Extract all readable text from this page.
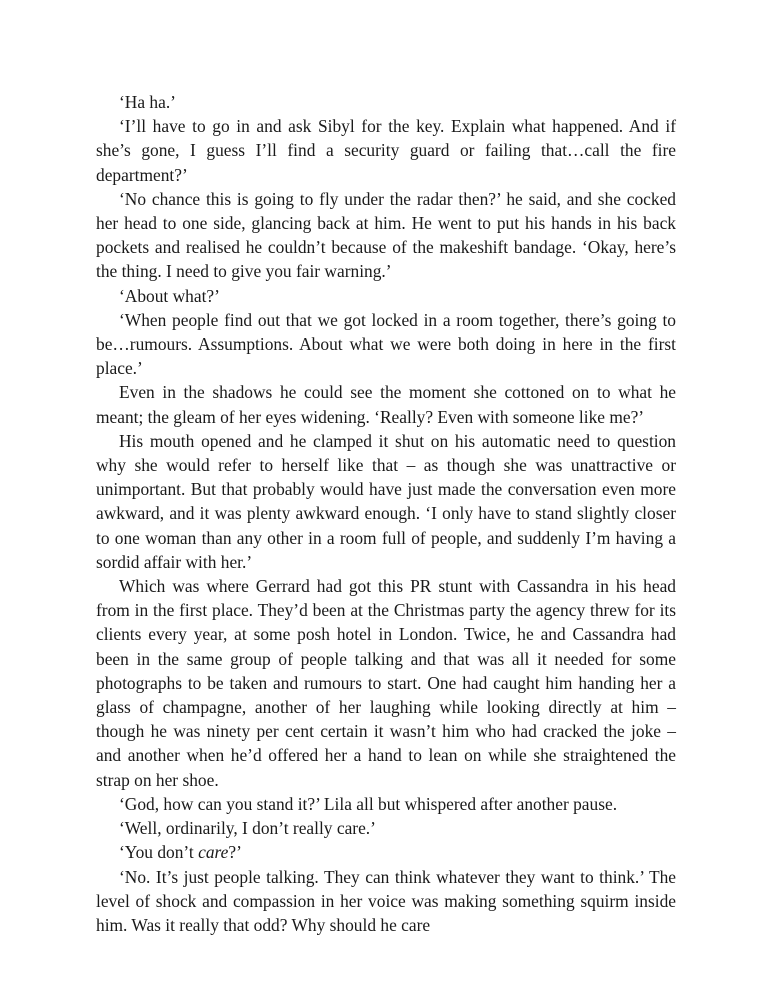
‘Ha ha.’

‘I’ll have to go in and ask Sibyl for the key. Explain what happened. And if she’s gone, I guess I’ll find a security guard or failing that…call the fire department?’

‘No chance this is going to fly under the radar then?’ he said, and she cocked her head to one side, glancing back at him. He went to put his hands in his back pockets and realised he couldn’t because of the makeshift bandage. ‘Okay, here’s the thing. I need to give you fair warning.’

‘About what?’

‘When people find out that we got locked in a room together, there’s going to be…rumours. Assumptions. About what we were both doing in here in the first place.’

Even in the shadows he could see the moment she cottoned on to what he meant; the gleam of her eyes widening. ‘Really? Even with someone like me?’

His mouth opened and he clamped it shut on his automatic need to question why she would refer to herself like that – as though she was unattractive or unimportant. But that probably would have just made the conversation even more awkward, and it was plenty awkward enough. ‘I only have to stand slightly closer to one woman than any other in a room full of people, and suddenly I’m having a sordid affair with her.’

Which was where Gerrard had got this PR stunt with Cassandra in his head from in the first place. They’d been at the Christmas party the agency threw for its clients every year, at some posh hotel in London. Twice, he and Cassandra had been in the same group of people talking and that was all it needed for some photographs to be taken and rumours to start. One had caught him handing her a glass of champagne, another of her laughing while looking directly at him – though he was ninety per cent certain it wasn’t him who had cracked the joke – and another when he’d offered her a hand to lean on while she straightened the strap on her shoe.

‘God, how can you stand it?’ Lila all but whispered after another pause.

‘Well, ordinarily, I don’t really care.’

‘You don’t care?’

‘No. It’s just people talking. They can think whatever they want to think.’ The level of shock and compassion in her voice was making something squirm inside him. Was it really that odd? Why should he care
